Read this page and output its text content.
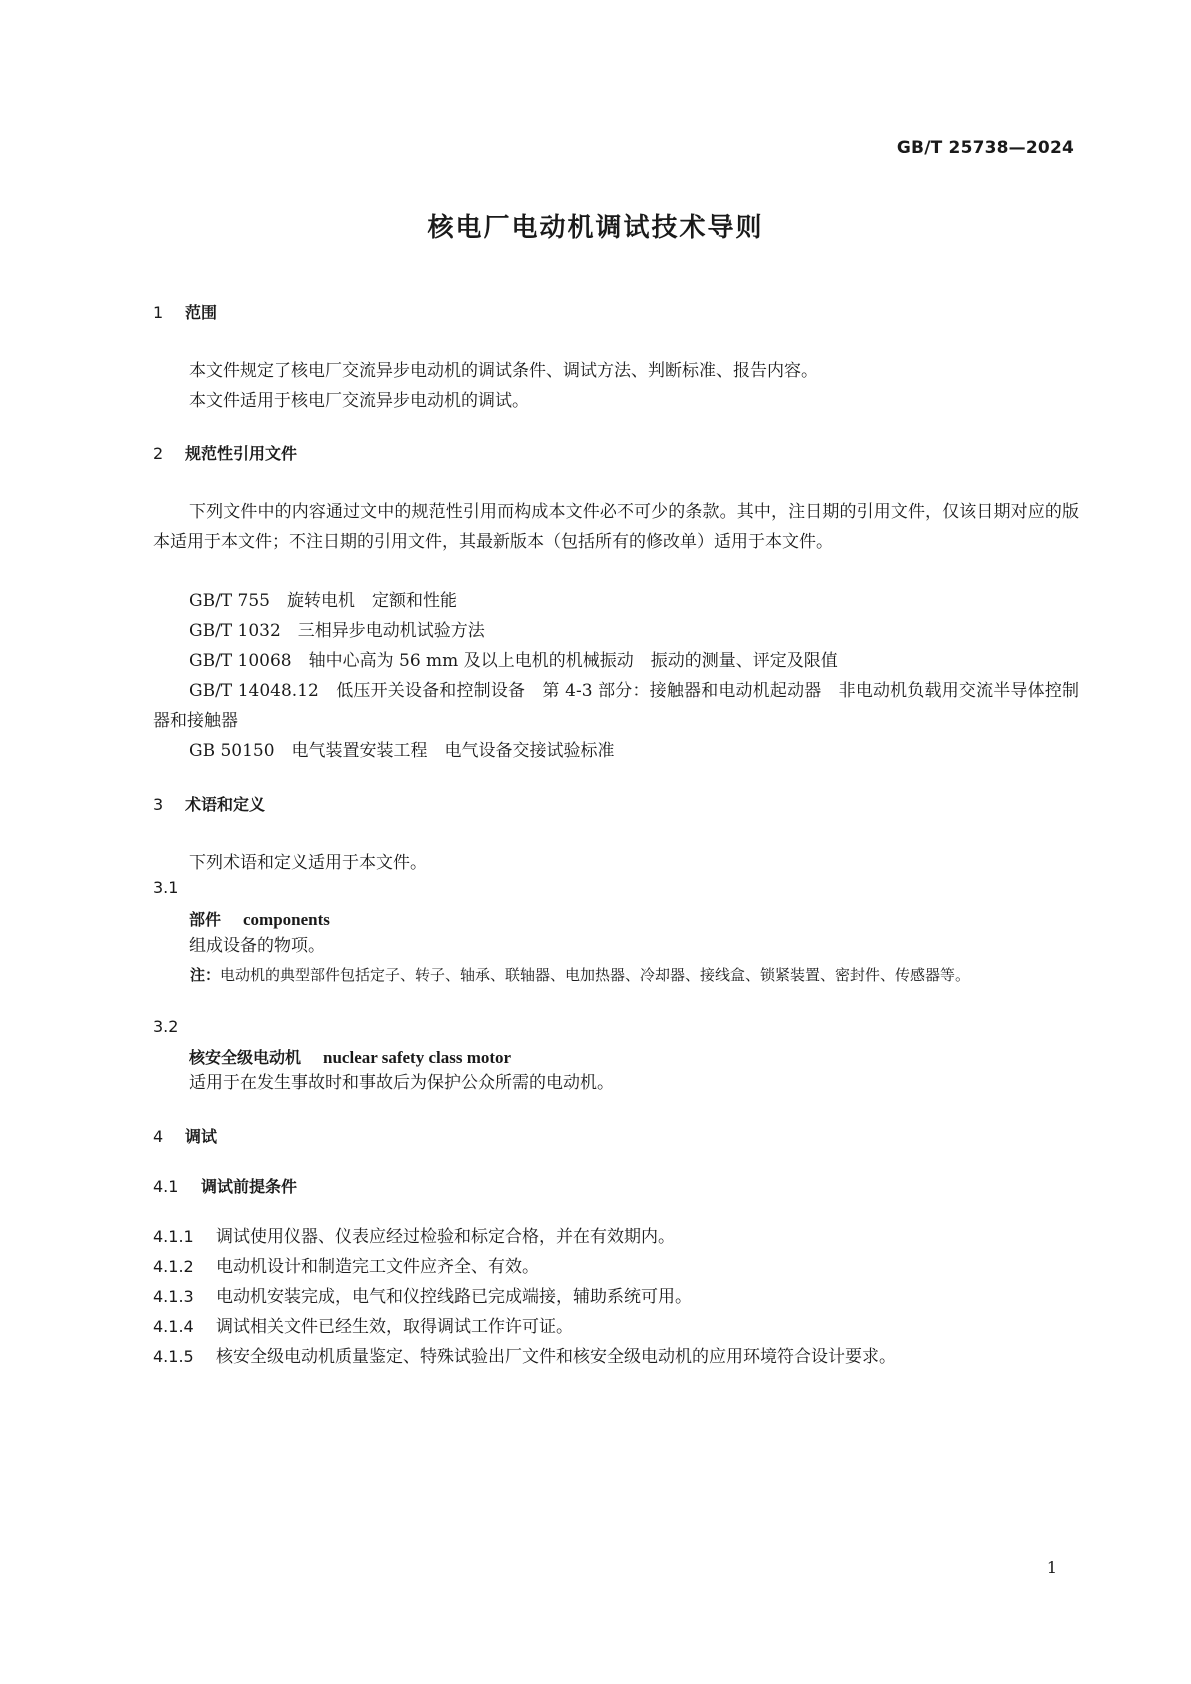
GB/T 25738—2024
核电厂电动机调试技术导则
1 范围
本文件规定了核电厂交流异步电动机的调试条件、调试方法、判断标准、报告内容。
本文件适用于核电厂交流异步电动机的调试。
2 规范性引用文件
下列文件中的内容通过文中的规范性引用而构成本文件必不可少的条款。其中，注日期的引用文件，仅该日期对应的版本适用于本文件；不注日期的引用文件，其最新版本（包括所有的修改单）适用于本文件。
GB/T 755　旋转电机　定额和性能
GB/T 1032　三相异步电动机试验方法
GB/T 10068　轴中心高为 56 mm 及以上电机的机械振动　振动的测量、评定及限值
GB/T 14048.12　低压开关设备和控制设备　第 4-3 部分：接触器和电动机起动器　非电动机负载用交流半导体控制器和接触器
GB 50150　电气装置安装工程　电气设备交接试验标准
3 术语和定义
下列术语和定义适用于本文件。
3.1
部件 components
组成设备的物项。
注：电动机的典型部件包括定子、转子、轴承、联轴器、电加热器、冷却器、接线盒、锁紧装置、密封件、传感器等。
3.2
核安全级电动机 nuclear safety class motor
适用于在发生事故时和事故后为保护公众所需的电动机。
4 调试
4.1 调试前提条件
4.1.1 调试使用仪器、仪表应经过检验和标定合格，并在有效期内。
4.1.2 电动机设计和制造完工文件应齐全、有效。
4.1.3 电动机安装完成，电气和仪控线路已完成端接，辅助系统可用。
4.1.4 调试相关文件已经生效，取得调试工作许可证。
4.1.5 核安全级电动机质量鉴定、特殊试验出厂文件和核安全级电动机的应用环境符合设计要求。
1
